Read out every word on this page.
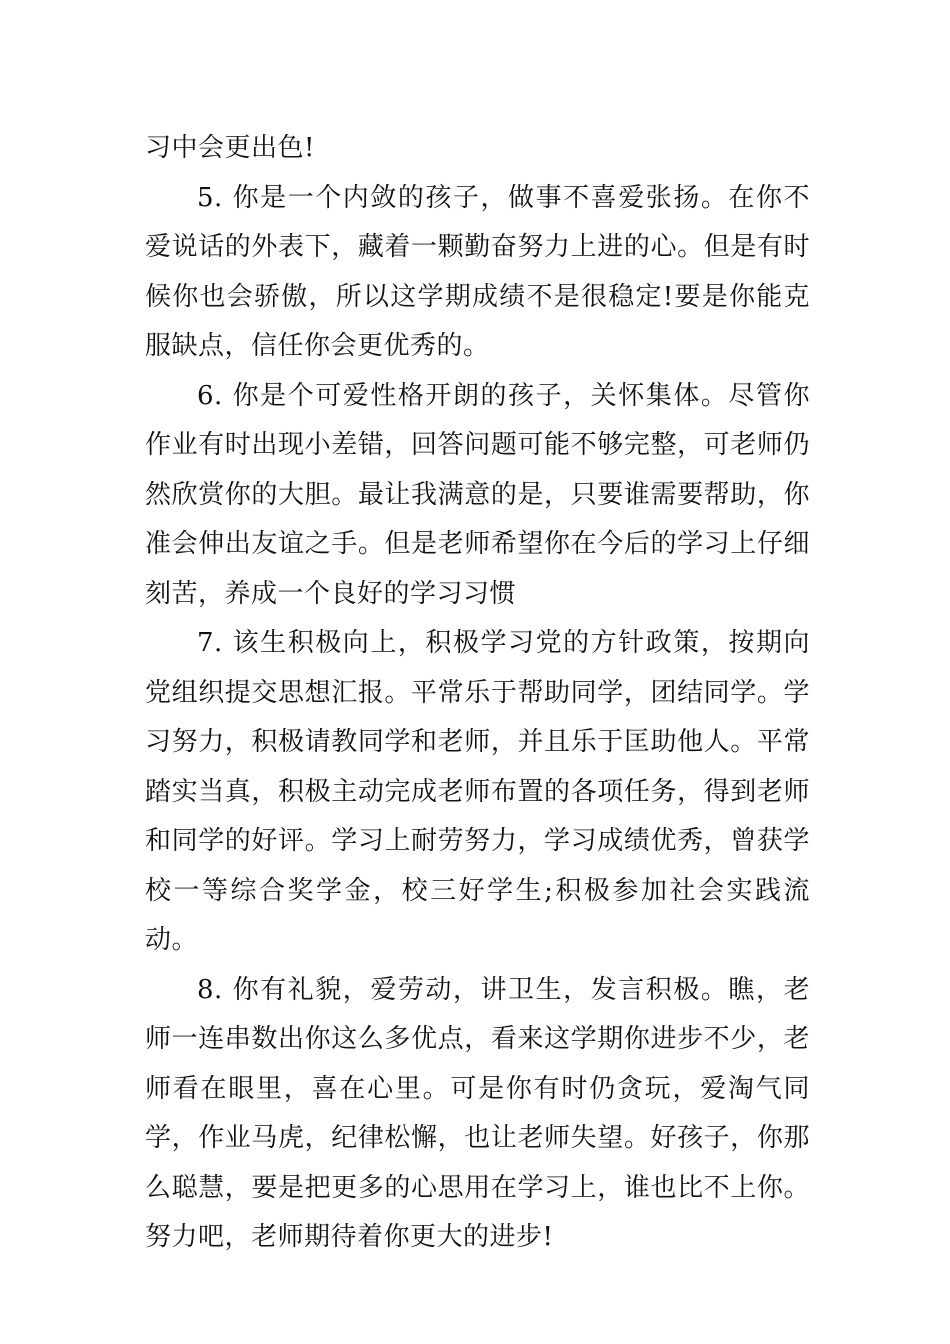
习中会更出色!

5. 你是一个内敛的孩子，做事不喜爱张扬。在你不爱说话的外表下，藏着一颗勤奋努力上进的心。但是有时候你也会骄傲，所以这学期成绩不是很稳定!要是你能克服缺点，信任你会更优秀的。

6. 你是个可爱性格开朗的孩子，关怀集体。尽管你作业有时出现小差错，回答问题可能不够完整，可老师仍然欣赏你的大胆。最让我满意的是，只要谁需要帮助，你准会伸出友谊之手。但是老师希望你在今后的学习上仔细刻苦，养成一个良好的学习习惯

7. 该生积极向上，积极学习党的方针政策，按期向党组织提交思想汇报。平常乐于帮助同学，团结同学。学习努力，积极请教同学和老师，并且乐于匡助他人。平常踏实当真，积极主动完成老师布置的各项任务，得到老师和同学的好评。学习上耐劳努力，学习成绩优秀，曾获学校一等综合奖学金，校三好学生;积极参加社会实践流动。

8. 你有礼貌，爱劳动，讲卫生，发言积极。瞧，老师一连串数出你这么多优点，看来这学期你进步不少，老师看在眼里，喜在心里。可是你有时仍贪玩，爱淘气同学，作业马虎，纪律松懈，也让老师失望。好孩子，你那么聪慧，要是把更多的心思用在学习上，谁也比不上你。努力吧，老师期待着你更大的进步!
